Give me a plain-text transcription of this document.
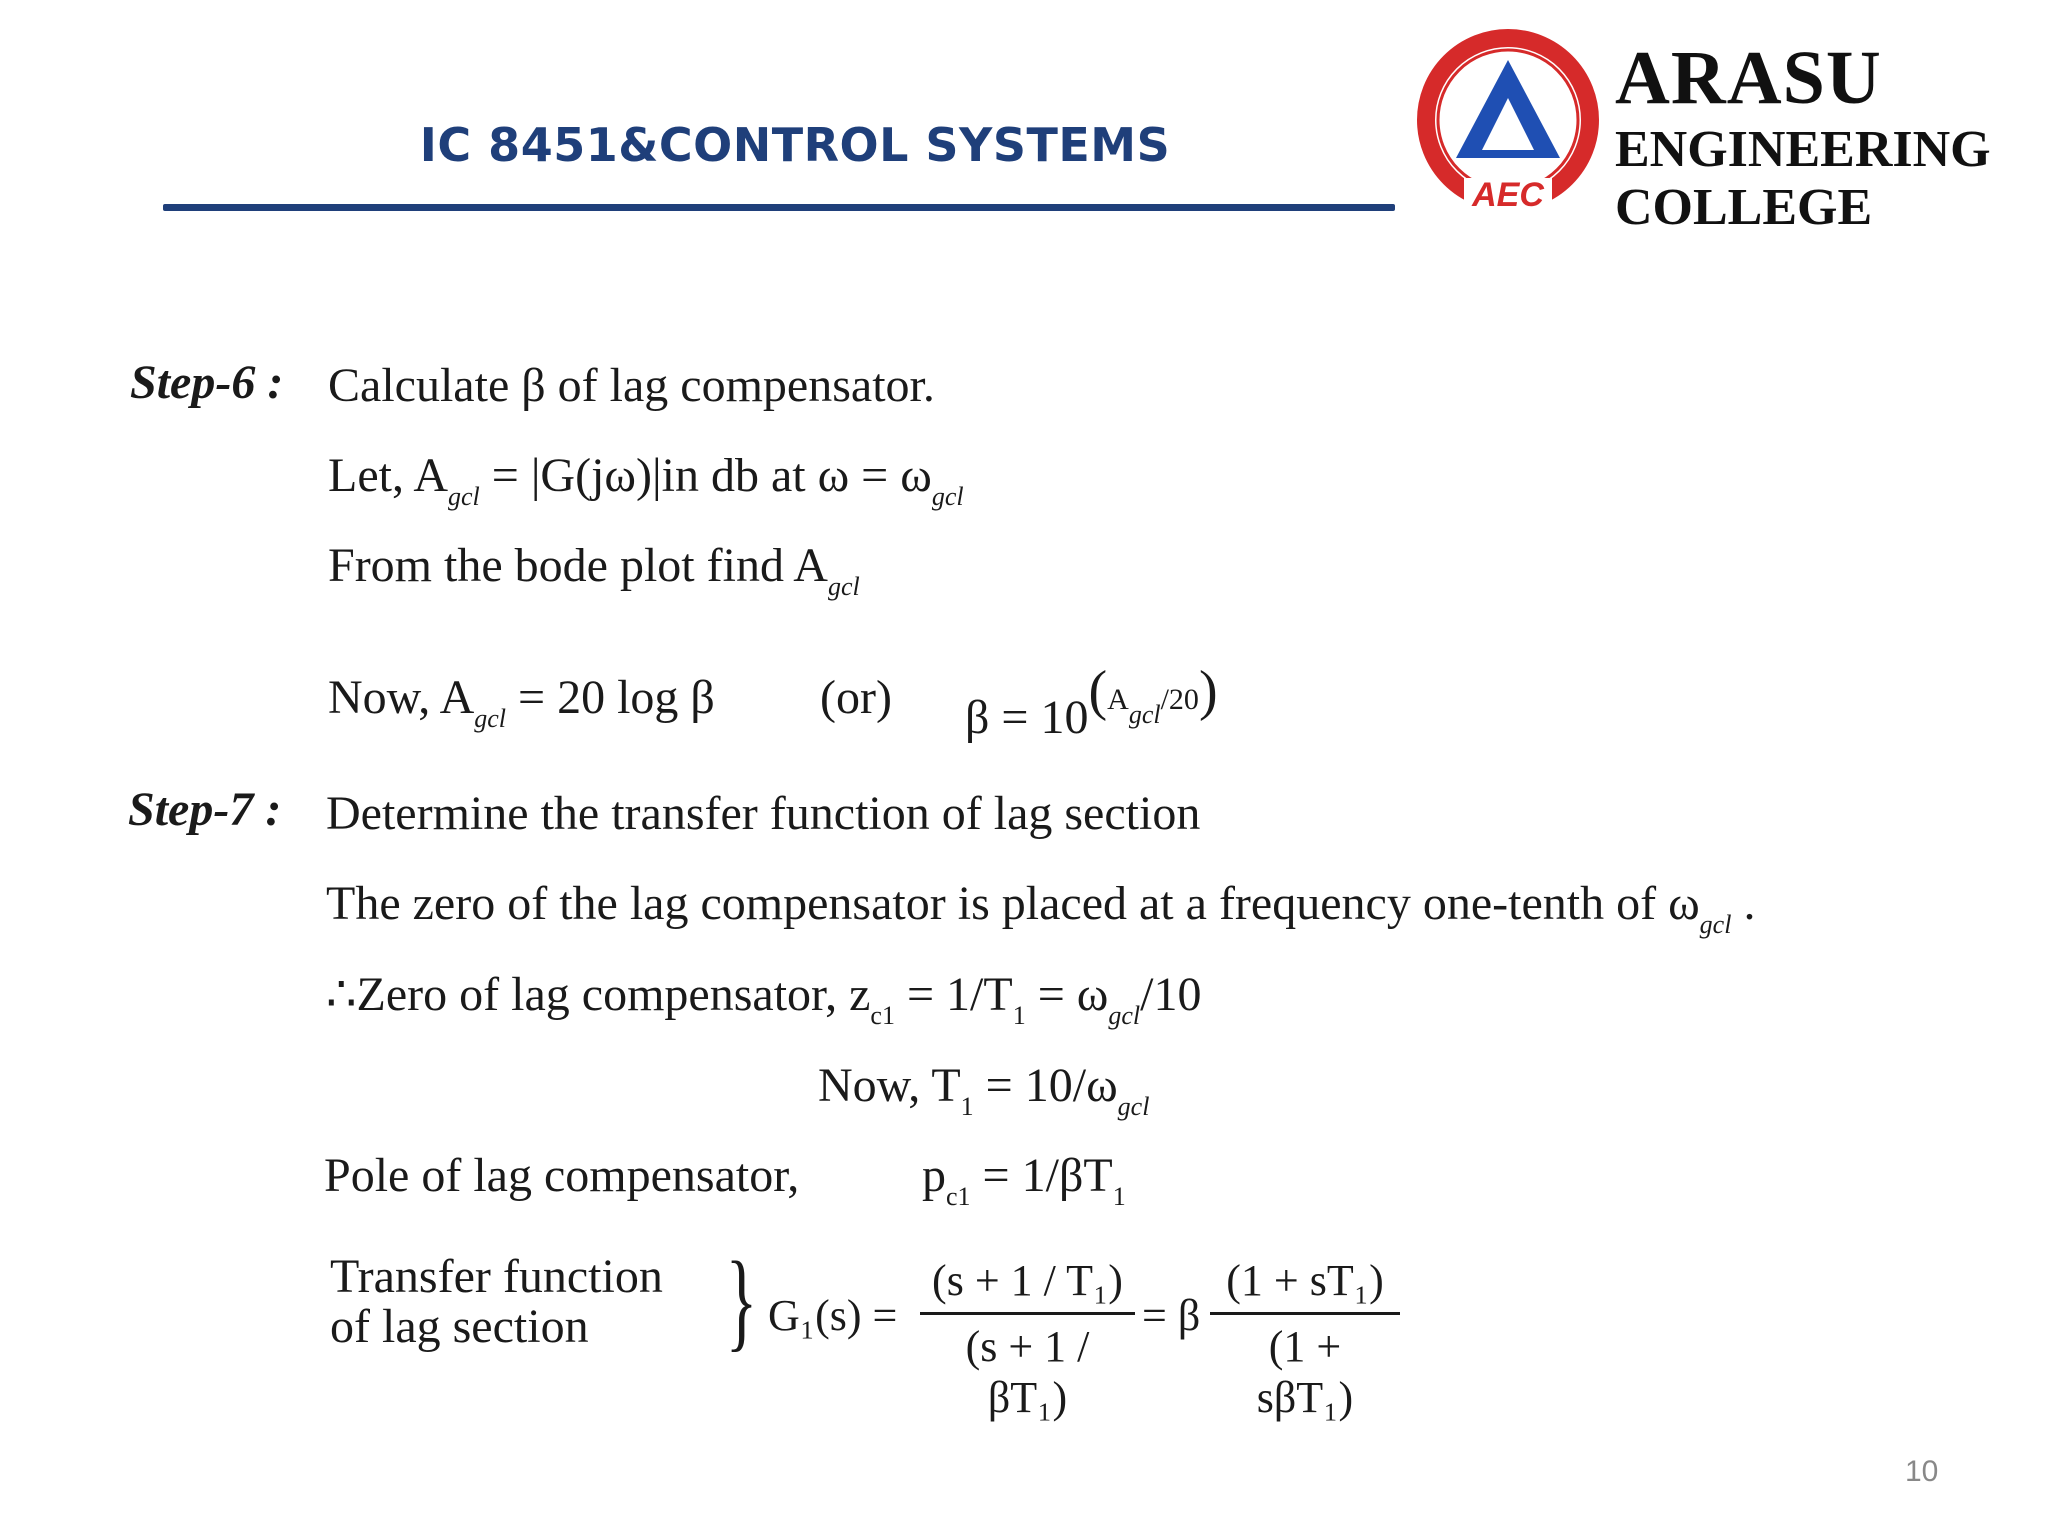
IC 8451&CONTROL SYSTEMS
AEC
ARASU
ENGINEERING
COLLEGE
Step-6 : Calculate β of lag compensator.
Let, $A_{gcl} = |G(j\omega)|in$ db at $\omega = \omega_{gcl}$
From the bode plot find $A_{gcl}$
Now, $A_{gcl} = 20$ log β (or) $\beta = 10^{(A_{gcl}/20)}$
Step-7 : Determine the transfer function of lag section
The zero of the lag compensator is placed at a frequency one-tenth of $\omega_{gcl}$ .
∴Zero of lag compensator, $z_{c1} = 1/T_1 = \omega_{gcl}/10$
Now, $T_1 = 10/\omega_{gcl}$
Pole of lag compensator,	$p_{c1} = 1/\beta T_1$
Transfer function
of lag section	} G₁(s) =
(s + 1 / T₁)
(s + 1 / βT₁)
= β
(1 + sT₁)
(1 + sβT₁)
10
